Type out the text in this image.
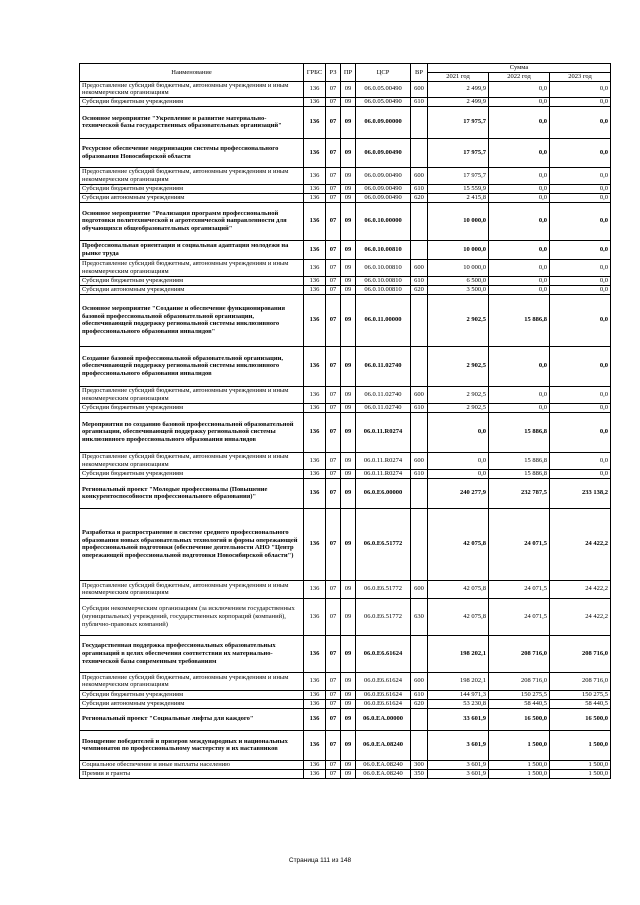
Наименование	ГРБС	РЗ	ПР	ЦСР	ВР	Сумма		
						2021 год	2022 год	2023 год
Предоставление субсидий бюджетным, автономным учреждениям и иным некоммерческим организациям	136	07	09	06.0.05.00490	600	2 499,9	0,0	0,0
Субсидии бюджетным учреждениям	136	07	09	06.0.05.00490	610	2 499,9	0,0	0,0
Основное мероприятие "Укрепление и развитие материально-технической базы государственных образовательных организаций"	136	07	09	06.0.09.00000		17 975,7	0,0	0,0
Ресурсное обеспечение модернизации системы профессионального образования Новосибирской области	136	07	09	06.0.09.00490		17 975,7	0,0	0,0
Предоставление субсидий бюджетным, автономным учреждениям и иным некоммерческим организациям	136	07	09	06.0.09.00490	600	17 975,7	0,0	0,0
Субсидии бюджетным учреждениям	136	07	09	06.0.09.00490	610	15 559,9	0,0	0,0
Субсидии автономным учреждениям	136	07	09	06.0.09.00490	620	2 415,8	0,0	0,0
Основное мероприятие "Реализация программ профессиональной подготовки политехнической и агротехнической направленности для обучающихся общеобразовательных организаций"	136	07	09	06.0.10.00000		10 000,0	0,0	0,0
Профессиональная ориентация и социальная адаптация молодежи на рынке труда	136	07	09	06.0.10.00810		10 000,0	0,0	0,0
Предоставление субсидий бюджетным, автономным учреждениям и иным некоммерческим организациям	136	07	09	06.0.10.00810	600	10 000,0	0,0	0,0
Субсидии бюджетным учреждениям	136	07	09	06.0.10.00810	610	6 500,0	0,0	0,0
Субсидии автономным учреждениям	136	07	09	06.0.10.00810	620	3 500,0	0,0	0,0
Основное мероприятие "Создание и обеспечение функционирования базовой профессиональной образовательной организации, обеспечивающей поддержку региональной системы инклюзивного профессионального образования инвалидов"	136	07	09	06.0.11.00000		2 902,5	15 886,8	0,0
Создание базовой профессиональной образовательной организации, обеспечивающей поддержку региональной системы инклюзивного профессионального образования инвалидов	136	07	09	06.0.11.02740		2 902,5	0,0	0,0
Предоставление субсидий бюджетным, автономным учреждениям и иным некоммерческим организациям	136	07	09	06.0.11.02740	600	2 902,5	0,0	0,0
Субсидии бюджетным учреждениям	136	07	09	06.0.11.02740	610	2 902,5	0,0	0,0
Мероприятия по созданию базовой профессиональной образовательной организации, обеспечивающей поддержку региональной системы инклюзивного профессионального образования инвалидов	136	07	09	06.0.11.R0274		0,0	15 886,8	0,0
Предоставление субсидий бюджетным, автономным учреждениям и иным некоммерческим организациям	136	07	09	06.0.11.R0274	600	0,0	15 886,8	0,0
Субсидии бюджетным учреждениям	136	07	09	06.0.11.R0274	610	0,0	15 886,8	0,0
Региональный проект "Молодые профессионалы (Повышение конкурентоспособности профессионального образования)"	136	07	09	06.0.E6.00000		240 277,9	232 787,5	233 138,2
Разработка и распространение в системе среднего профессионального образования новых образовательных технологий и формы опережающей профессиональной подготовки (обеспечение деятельности АНО "Центр опережающей профессиональной подготовки Новосибирской области")	136	07	09	06.0.E6.51772		42 075,8	24 071,5	24 422,2
Предоставление субсидий бюджетным, автономным учреждениям и иным некоммерческим организациям	136	07	09	06.0.E6.51772	600	42 075,8	24 071,5	24 422,2
Субсидии некоммерческим организациям (за исключением государственных (муниципальных) учреждений, государственных корпораций (компаний), публично-правовых компаний)	136	07	09	06.0.E6.51772	630	42 075,8	24 071,5	24 422,2
Государственная поддержка профессиональных образовательных организаций в целях обеспечения соответствия их материально-технической базы современным требованиям	136	07	09	06.0.E6.61624		198 202,1	208 716,0	208 716,0
Предоставление субсидий бюджетным, автономным учреждениям и иным некоммерческим организациям	136	07	09	06.0.E6.61624	600	198 202,1	208 716,0	208 716,0
Субсидии бюджетным учреждениям	136	07	09	06.0.E6.61624	610	144 971,3	150 275,5	150 275,5
Субсидии автономным учреждениям	136	07	09	06.0.E6.61624	620	53 230,8	58 440,5	58 440,5
Региональный проект "Социальные лифты для каждого"	136	07	09	06.0.EA.00000		33 601,9	16 500,0	16 500,0
Поощрение победителей и призеров международных и национальных чемпионатов по профессиональному мастерству и их наставников	136	07	09	06.0.EA.08240		3 601,9	1 500,0	1 500,0
Социальное обеспечение и иные выплаты населению	136	07	09	06.0.EA.08240	300	3 601,9	1 500,0	1 500,0
Премии и гранты	136	07	09	06.0.EA.08240	350	3 601,9	1 500,0	1 500,0
Страница 111 из 148
